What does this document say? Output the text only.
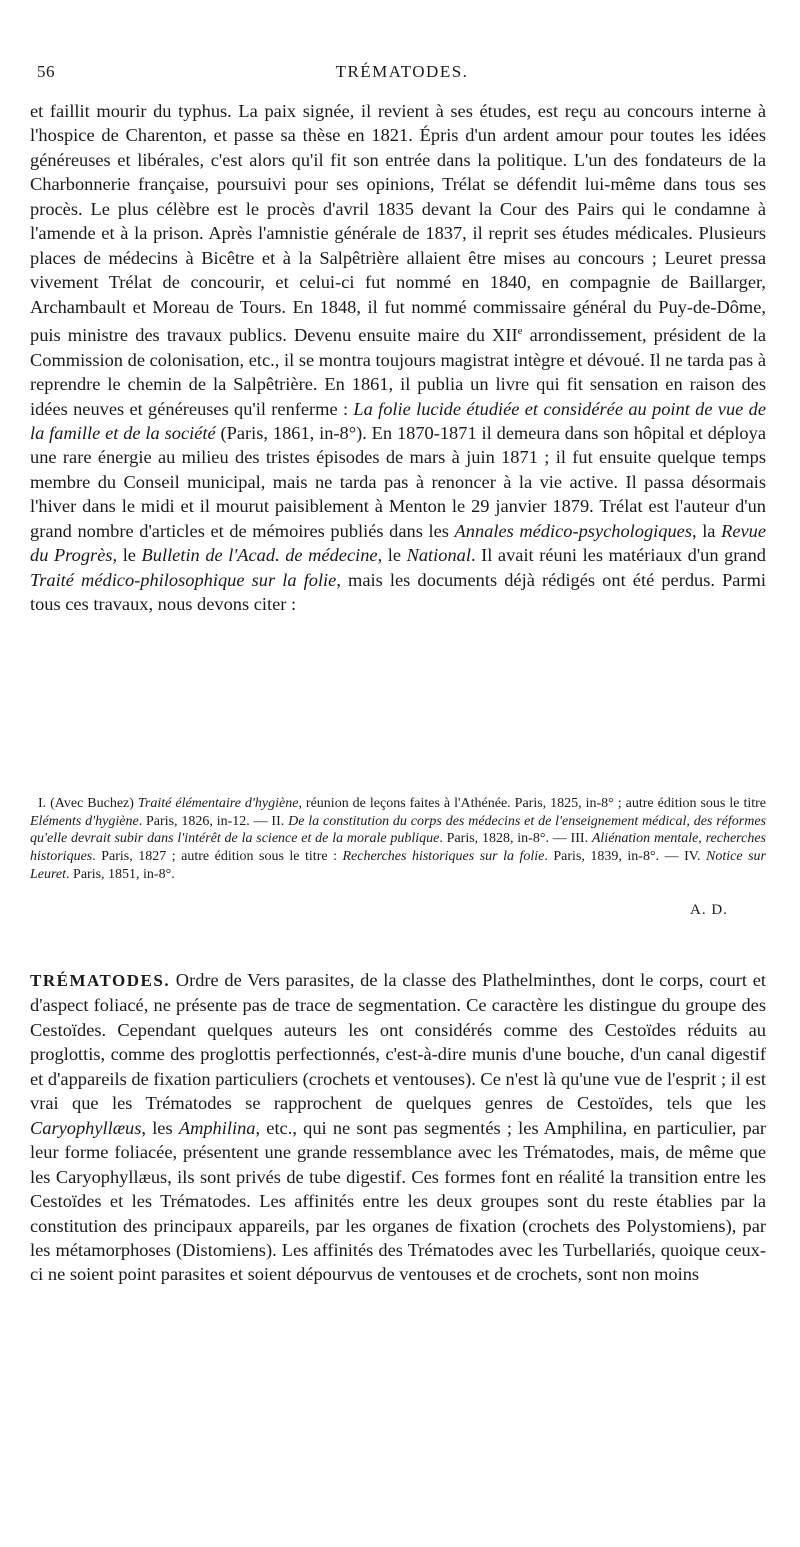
56	TRÉMATODES.

et faillit mourir du typhus. La paix signée, il revient à ses études, est reçu au concours interne à l'hospice de Charenton, et passe sa thèse en 1821. Épris d'un ardent amour pour toutes les idées généreuses et libérales, c'est alors qu'il fit son entrée dans la politique. L'un des fondateurs de la Charbonnerie française, poursuivi pour ses opinions, Trélat se défendit lui-même dans tous ses procès. Le plus célèbre est le procès d'avril 1835 devant la Cour des Pairs qui le condamne à l'amende et à la prison. Après l'amnistie générale de 1837, il reprit ses études médicales. Plusieurs places de médecins à Bicêtre et à la Salpêtrière allaient être mises au concours ; Leuret pressa vivement Trélat de concourir, et celui-ci fut nommé en 1840, en compagnie de Baillarger, Archambault et Moreau de Tours. En 1848, il fut nommé commissaire général du Puy-de-Dôme, puis ministre des travaux publics. Devenu ensuite maire du XIIe arrondissement, président de la Commission de colonisation, etc., il se montra toujours magistrat intègre et dévoué. Il ne tarda pas à reprendre le chemin de la Salpêtrière. En 1861, il publia un livre qui fit sensation en raison des idées neuves et généreuses qu'il renferme : La folie lucide étudiée et considérée au point de vue de la famille et de la société (Paris, 1861, in-8°). En 1870-1871 il demeura dans son hôpital et déploya une rare énergie au milieu des tristes épisodes de mars à juin 1871 ; il fut ensuite quelque temps membre du Conseil municipal, mais ne tarda pas à renoncer à la vie active. Il passa désormais l'hiver dans le midi et il mourut paisiblement à Menton le 29 janvier 1879. Trélat est l'auteur d'un grand nombre d'articles et de mémoires publiés dans les Annales médico-psychologiques, la Revue du Progrès, le Bulletin de l'Acad. de médecine, le National. Il avait réuni les matériaux d'un grand Traité médico-philosophique sur la folie, mais les documents déjà rédigés ont été perdus. Parmi tous ces travaux, nous devons citer :

I. (Avec Buchez) Traité élémentaire d'hygiène, réunion de leçons faites à l'Athénée. Paris, 1825, in-8° ; autre édition sous le titre Eléments d'hygiène. Paris, 1826, in-12. — II. De la constitution du corps des médecins et de l'enseignement médical, des réformes qu'elle devrait subir dans l'intérêt de la science et de la morale publique. Paris, 1828, in-8°. — III. Aliénation mentale, recherches historiques. Paris, 1827 ; autre édition sous le titre : Recherches historiques sur la folie. Paris, 1839, in-8°. — IV. Notice sur Leuret. Paris, 1851, in-8°.

A. D.

TRÉMATODES. Ordre de Vers parasites, de la classe des Plathelminthes, dont le corps, court et d'aspect foliacé, ne présente pas de trace de segmentation. Ce caractère les distingue du groupe des Cestoïdes. Cependant quelques auteurs les ont considérés comme des Cestoïdes réduits au proglottis, comme des proglottis perfectionnés, c'est-à-dire munis d'une bouche, d'un canal digestif et d'appareils de fixation particuliers (crochets et ventouses). Ce n'est là qu'une vue de l'esprit ; il est vrai que les Trématodes se rapprochent de quelques genres de Cestoïdes, tels que les Caryophyllæus, les Amphilina, etc., qui ne sont pas segmentés ; les Amphilina, en particulier, par leur forme foliacée, présentent une grande ressemblance avec les Trématodes, mais, de même que les Caryophyllæus, ils sont privés de tube digestif. Ces formes font en réalité la transition entre les Cestoïdes et les Trématodes. Les affinités entre les deux groupes sont du reste établies par la constitution des principaux appareils, par les organes de fixation (crochets des Polystomiens), par les métamorphoses (Distomiens). Les affinités des Trématodes avec les Turbellariés, quoique ceux-ci ne soient point parasites et soient dépourvus de ventouses et de crochets, sont non moins
